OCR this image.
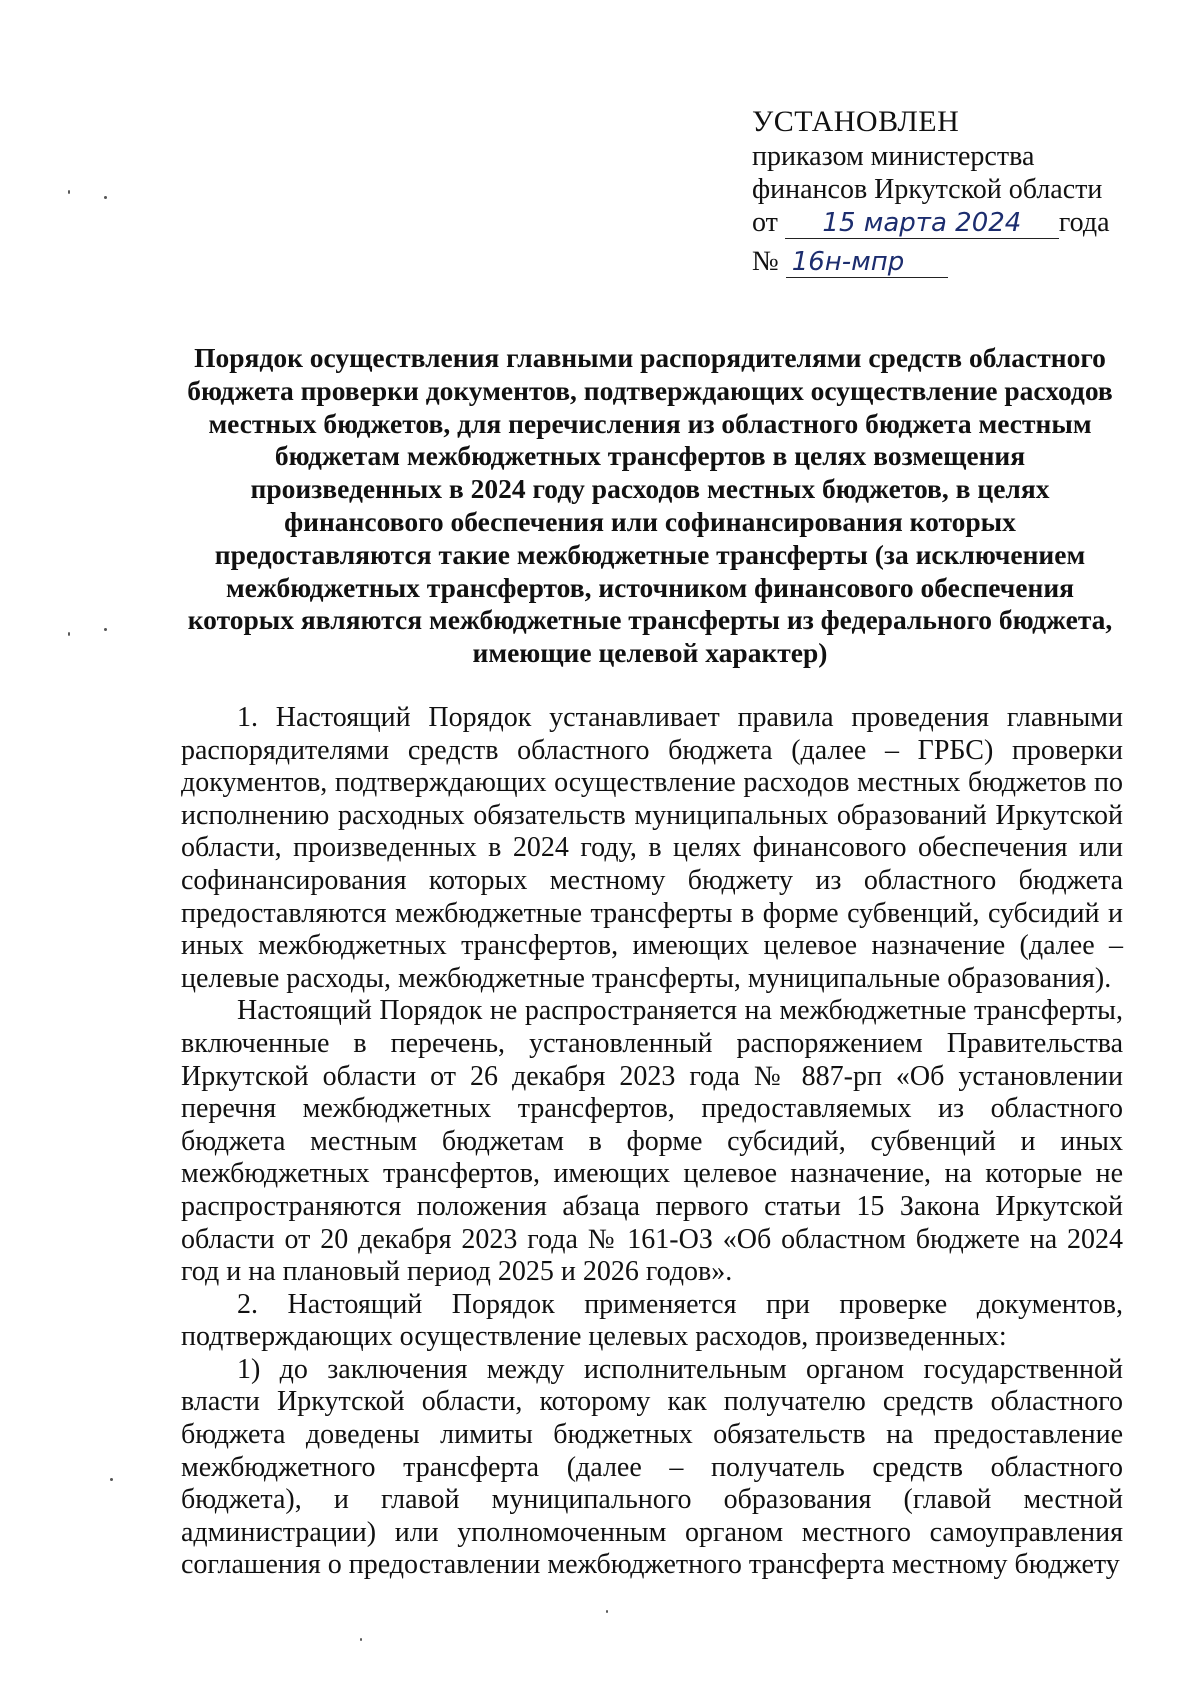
УСТАНОВЛЕН
приказом министерства
финансов Иркутской области
от 15 марта 2024 года
№ 16н-мпр
Порядок осуществления главными распорядителями средств областного бюджета проверки документов, подтверждающих осуществление расходов местных бюджетов, для перечисления из областного бюджета местным бюджетам межбюджетных трансфертов в целях возмещения произведенных в 2024 году расходов местных бюджетов, в целях финансового обеспечения или софинансирования которых предоставляются такие межбюджетные трансферты (за исключением межбюджетных трансфертов, источником финансового обеспечения которых являются межбюджетные трансферты из федерального бюджета, имеющие целевой характер)

1. Настоящий Порядок устанавливает правила проведения главными распорядителями средств областного бюджета (далее – ГРБС) проверки документов, подтверждающих осуществление расходов местных бюджетов по исполнению расходных обязательств муниципальных образований Иркутской области, произведенных в 2024 году, в целях финансового обеспечения или софинансирования которых местному бюджету из областного бюджета предоставляются межбюджетные трансферты в форме субвенций, субсидий и иных межбюджетных трансфертов, имеющих целевое назначение (далее – целевые расходы, межбюджетные трансферты, муниципальные образования).

Настоящий Порядок не распространяется на межбюджетные трансферты, включенные в перечень, установленный распоряжением Правительства Иркутской области от 26 декабря 2023 года № 887-рп «Об установлении перечня межбюджетных трансфертов, предоставляемых из областного бюджета местным бюджетам в форме субсидий, субвенций и иных межбюджетных трансфертов, имеющих целевое назначение, на которые не распространяются положения абзаца первого статьи 15 Закона Иркутской области от 20 декабря 2023 года № 161-ОЗ «Об областном бюджете на 2024 год и на плановый период 2025 и 2026 годов».

2. Настоящий Порядок применяется при проверке документов, подтверждающих осуществление целевых расходов, произведенных:

1) до заключения между исполнительным органом государственной власти Иркутской области, которому как получателю средств областного бюджета доведены лимиты бюджетных обязательств на предоставление межбюджетного трансферта (далее – получатель средств областного бюджета), и главой муниципального образования (главой местной администрации) или уполномоченным органом местного самоуправления соглашения о предоставлении межбюджетного трансферта местному бюджету
